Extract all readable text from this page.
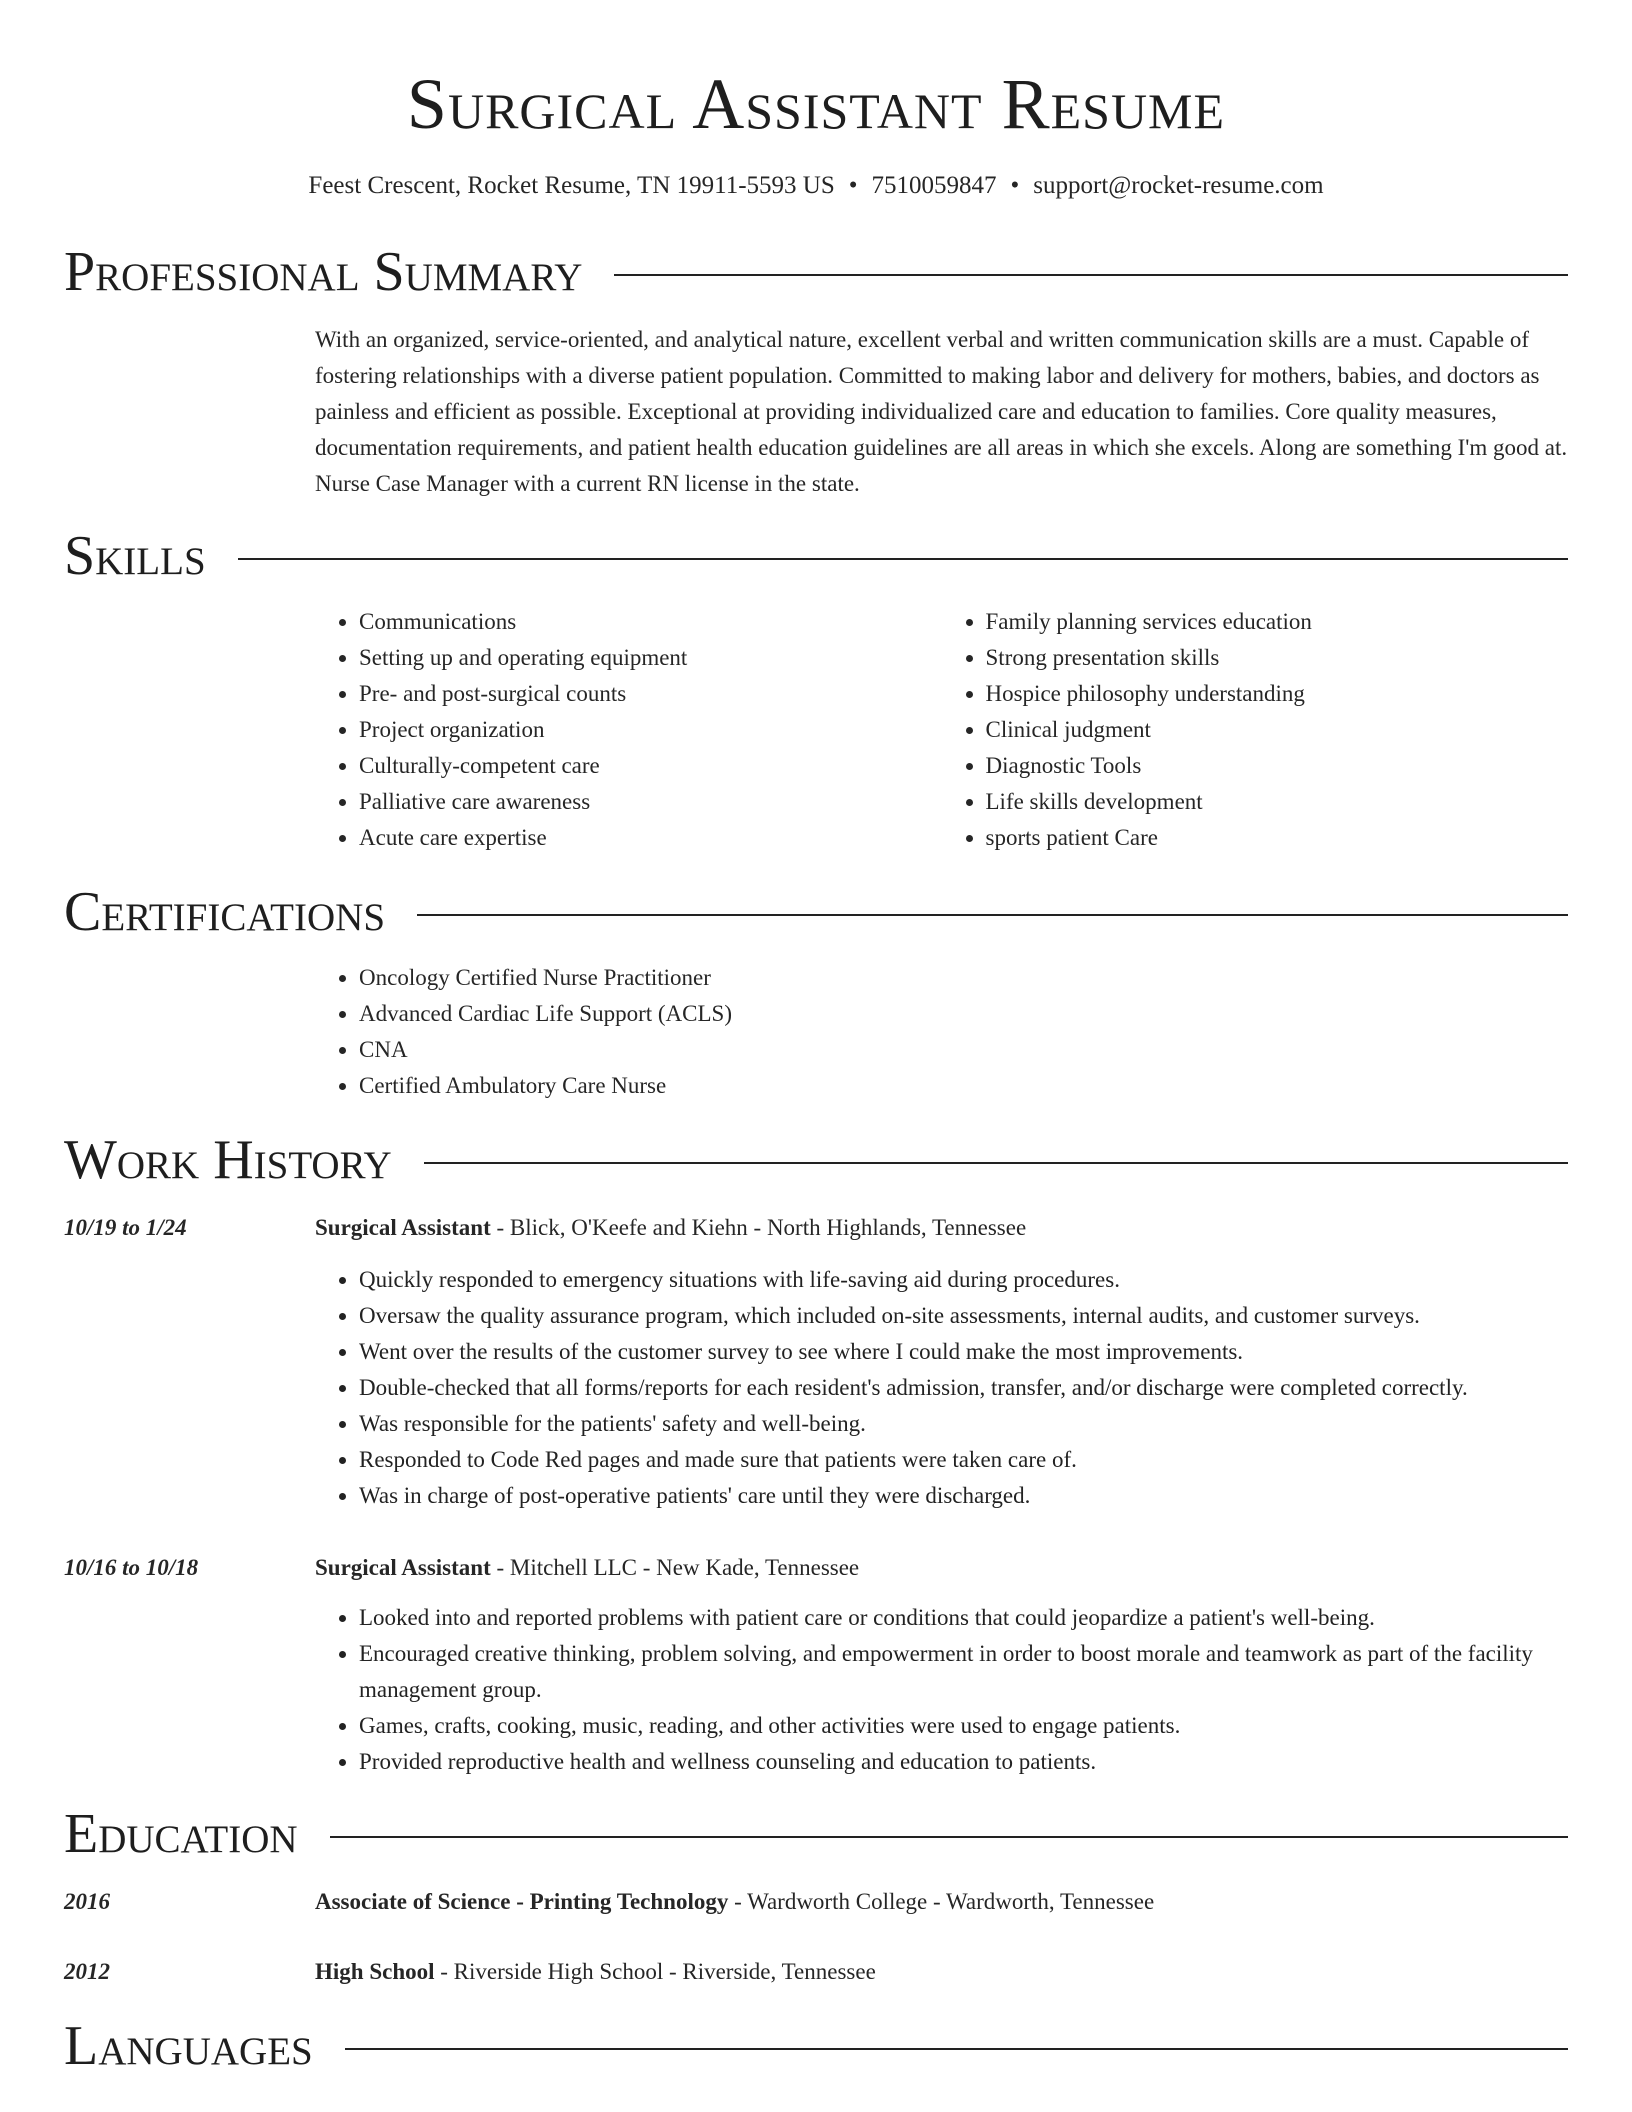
Surgical Assistant Resume
Feest Crescent, Rocket Resume, TN 19911-5593 US • 7510059847 • support@rocket-resume.com
Professional Summary
With an organized, service-oriented, and analytical nature, excellent verbal and written communication skills are a must. Capable of fostering relationships with a diverse patient population. Committed to making labor and delivery for mothers, babies, and doctors as painless and efficient as possible. Exceptional at providing individualized care and education to families. Core quality measures, documentation requirements, and patient health education guidelines are all areas in which she excels. Along are something I'm good at. Nurse Case Manager with a current RN license in the state.
Skills
• Communications
• Setting up and operating equipment
• Pre- and post-surgical counts
• Project organization
• Culturally-competent care
• Palliative care awareness
• Acute care expertise
• Family planning services education
• Strong presentation skills
• Hospice philosophy understanding
• Clinical judgment
• Diagnostic Tools
• Life skills development
• sports patient Care
Certifications
• Oncology Certified Nurse Practitioner
• Advanced Cardiac Life Support (ACLS)
• CNA
• Certified Ambulatory Care Nurse
Work History
10/19 to 1/24	Surgical Assistant - Blick, O'Keefe and Kiehn - North Highlands, Tennessee
• Quickly responded to emergency situations with life-saving aid during procedures.
• Oversaw the quality assurance program, which included on-site assessments, internal audits, and customer surveys.
• Went over the results of the customer survey to see where I could make the most improvements.
• Double-checked that all forms/reports for each resident's admission, transfer, and/or discharge were completed correctly.
• Was responsible for the patients' safety and well-being.
• Responded to Code Red pages and made sure that patients were taken care of.
• Was in charge of post-operative patients' care until they were discharged.
10/16 to 10/18	Surgical Assistant - Mitchell LLC - New Kade, Tennessee
• Looked into and reported problems with patient care or conditions that could jeopardize a patient's well-being.
• Encouraged creative thinking, problem solving, and empowerment in order to boost morale and teamwork as part of the facility management group.
• Games, crafts, cooking, music, reading, and other activities were used to engage patients.
• Provided reproductive health and wellness counseling and education to patients.
Education
2016	Associate of Science - Printing Technology - Wardworth College - Wardworth, Tennessee
2012	High School - Riverside High School - Riverside, Tennessee
Languages
